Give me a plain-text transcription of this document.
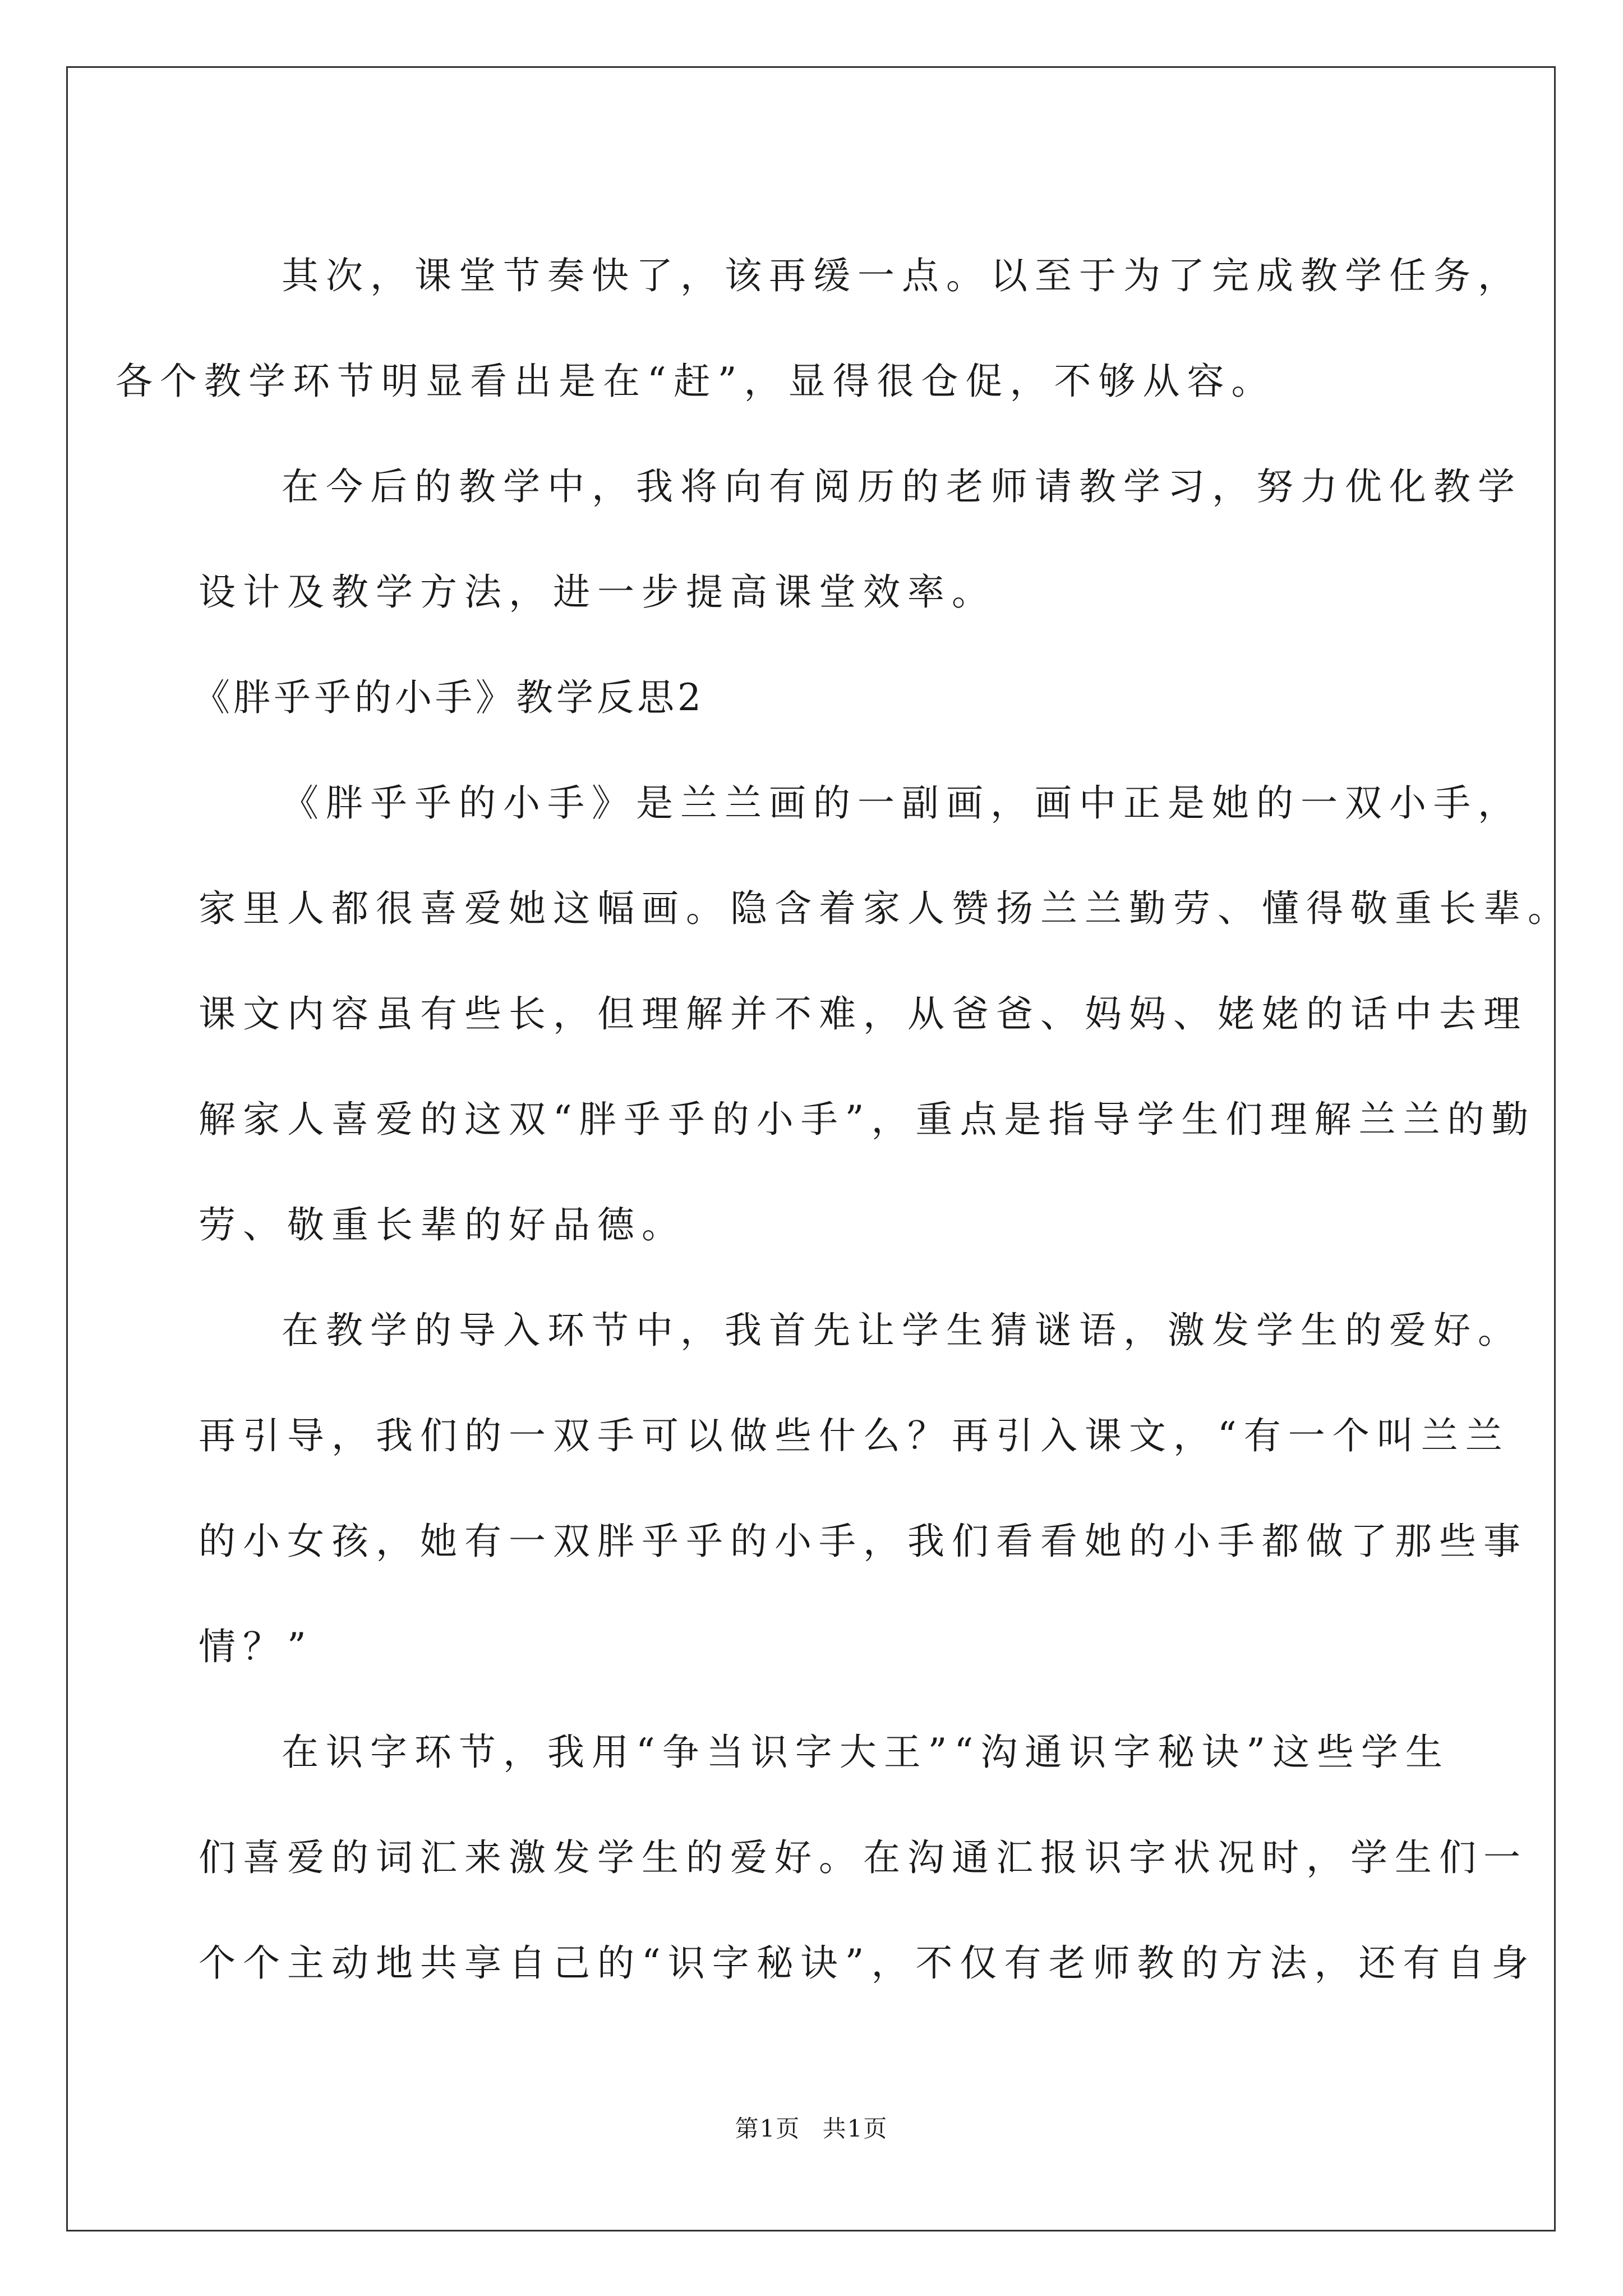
其次，课堂节奏快了，该再缓一点。以至于为了完成教学任务，
各个教学环节明显看出是在“赶”，显得很仓促，不够从容。

在今后的教学中，我将向有阅历的老师请教学习，努力优化教学
设计及教学方法，进一步提高课堂效率。

《胖乎乎的小手》教学反思2

《胖乎乎的小手》是兰兰画的一副画，画中正是她的一双小手，
家里人都很喜爱她这幅画。隐含着家人赞扬兰兰勤劳、懂得敬重长辈。
课文内容虽有些长，但理解并不难，从爸爸、妈妈、姥姥的话中去理
解家人喜爱的这双“胖乎乎的小手”，重点是指导学生们理解兰兰的勤
劳、敬重长辈的好品德。

在教学的导入环节中，我首先让学生猜谜语，激发学生的爱好。
再引导，我们的一双手可以做些什么？再引入课文，“有一个叫兰兰
的小女孩，她有一双胖乎乎的小手，我们看看她的小手都做了那些事
情？”

在识字环节，我用“争当识字大王”“沟通识字秘诀”这些学生
们喜爱的词汇来激发学生的爱好。在沟通汇报识字状况时，学生们一
个个主动地共享自己的“识字秘诀”，不仅有老师教的方法，还有自身

第1页 共1页
